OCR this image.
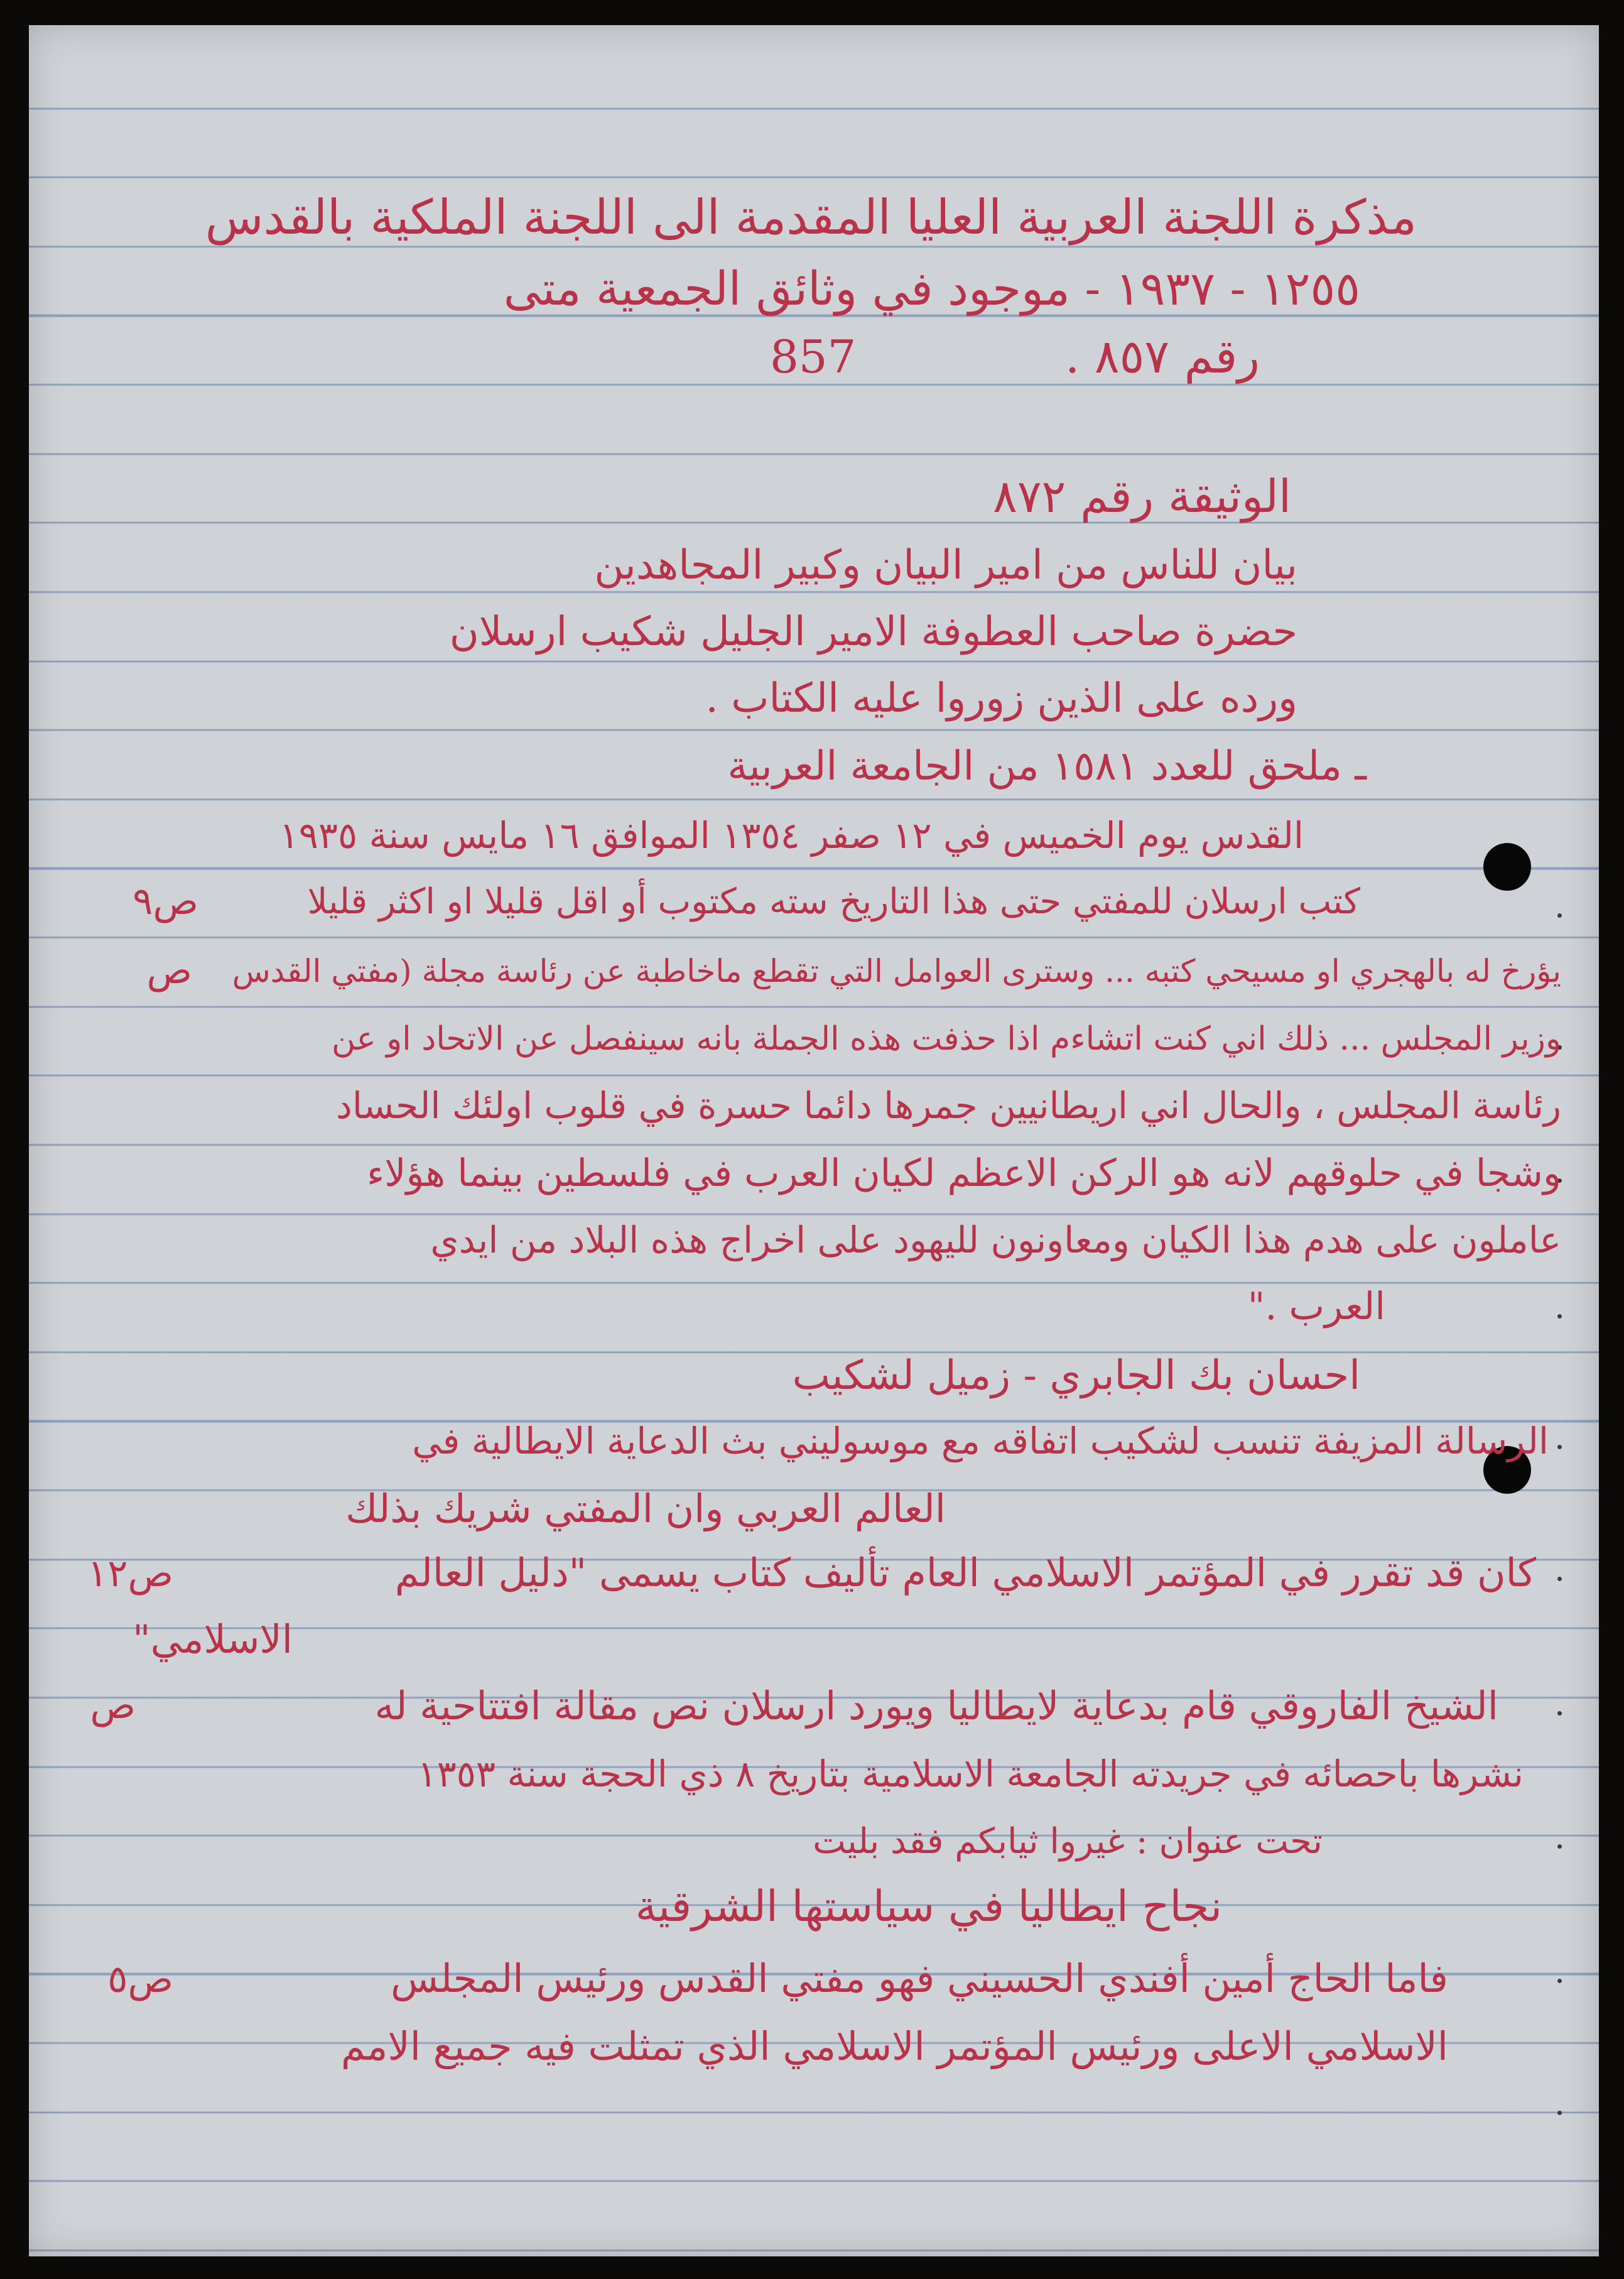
مذكرة اللجنة العربية العليا المقدمة الى اللجنة الملكية بالقدس
١٢٥٥ - ١٩٣٧ - موجود في وثائق الجمعية متى
رقم ٨٥٧ .
857
الوثيقة رقم ٨٧٢
بيان للناس من امير البيان وكبير المجاهدين
حضرة صاحب العطوفة الامير الجليل شكيب ارسلان
ورده على الذين زوروا عليه الكتاب .
ـ ملحق للعدد ١٥٨١ من الجامعة العربية
القدس يوم الخميس في ١٢ صفر ١٣٥٤ الموافق ١٦ مايس سنة ١٩٣٥
ص٩	كتب ارسلان للمفتي حتى هذا التاريخ سته مكتوب أو اقل قليلا او اكثر قليلا
ص يؤرخ له بالهجري او مسيحي كتبه ... وسترى العوامل التي تقطع ماخاطبة عن رئاسة مجلة (مفتي القدس
وزير المجلس ... ذلك اني كنت اتشاءم اذا حذفت هذه الجملة بانه سينفصل عن الاتحاد او عن
رئاسة المجلس ، والحال اني اريطانيين جمرها دائما حسرة في قلوب اولئك الحساد
وشجا في حلوقهم لانه هو الركن الاعظم لكيان العرب في فلسطين بينما هؤلاء
عاملون على هدم هذا الكيان ومعاونون لليهود على اخراج هذه البلاد من ايدي
العرب ."
احسان بك الجابري - زميل لشكيب
الرسالة المزيفة تنسب لشكيب اتفاقه مع موسوليني بث الدعاية الايطالية في
العالم العربي وان المفتي شريك بذلك
ص١٢	كان قد تقرر في المؤتمر الاسلامي العام تأليف كتاب يسمى "دليل العالم
الاسلامي"
ص	الشيخ الفاروقي قام بدعاية لايطاليا ويورد ارسلان نص مقالة افتتاحية له
نشرها باحصائه في جريدته الجامعة الاسلامية بتاريخ ٨ ذي الحجة سنة ١٣٥٣
تحت عنوان : غيروا ثيابكم فقد بليت
نجاح ايطاليا في سياستها الشرقية
ص٥	فاما الحاج أمين أفندي الحسيني فهو مفتي القدس ورئيس المجلس
الاسلامي الاعلى ورئيس المؤتمر الاسلامي الذي تمثلت فيه جميع الامم
